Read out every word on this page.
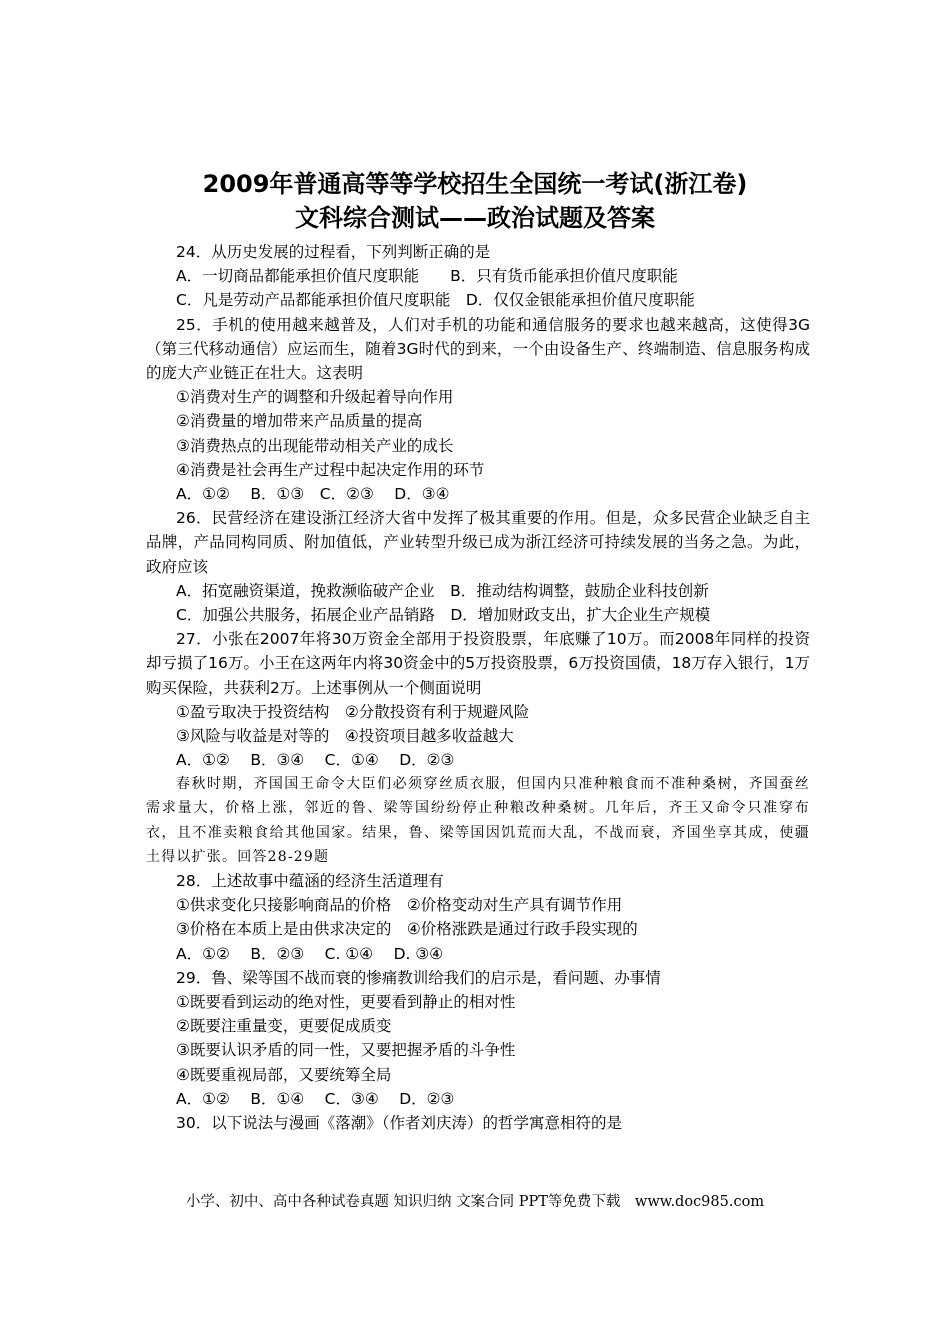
2009年普通高等等学校招生全国统一考试(浙江卷)
文科综合测试——政治试题及答案
24．从历史发展的过程看，下列判断正确的是
A．一切商品都能承担价值尺度职能　　B．只有货币能承担价值尺度职能
C．凡是劳动产品都能承担价值尺度职能　D．仅仅金银能承担价值尺度职能
25．手机的使用越来越普及，人们对手机的功能和通信服务的要求也越来越高，这使得3G（第三代移动通信）应运而生，随着3G时代的到来，一个由设备生产、终端制造、信息服务构成的庞大产业链正在壮大。这表明
①消费对生产的调整和升级起着导向作用
②消费量的增加带来产品质量的提高
③消费热点的出现能带动相关产业的成长
④消费是社会再生产过程中起决定作用的环节
A．①②　 B．①③　C．②③　 D．③④
26．民营经济在建设浙江经济大省中发挥了极其重要的作用。但是，众多民营企业缺乏自主品牌，产品同构同质、附加值低，产业转型升级已成为浙江经济可持续发展的当务之急。为此，政府应该
A．拓宽融资渠道，挽救濒临破产企业　B．推动结构调整，鼓励企业科技创新
C．加强公共服务，拓展企业产品销路　D．增加财政支出，扩大企业生产规模
27．小张在2007年将30万资金全部用于投资股票，年底赚了10万。而2008年同样的投资却亏损了16万。小王在这两年内将30资金中的5万投资股票，6万投资国债，18万存入银行，1万购买保险，共获利2万。上述事例从一个侧面说明
①盈亏取决于投资结构　②分散投资有利于规避风险
③风险与收益是对等的　④投资项目越多收益越大
A．①②　 B．③④　 C．①④　 D．②③
春秋时期，齐国国王命令大臣们必须穿丝质衣服，但国内只准种粮食而不准种桑树，齐国蚕丝需求量大，价格上涨，邻近的鲁、梁等国纷纷停止种粮改种桑树。几年后，齐王又命令只准穿布衣，且不准卖粮食给其他国家。结果，鲁、梁等国因饥荒而大乱，不战而衰，齐国坐享其成，使疆土得以扩张。回答28-29题
28．上述故事中蕴涵的经济生活道理有
①供求变化只接影响商品的价格　②价格变动对生产具有调节作用
③价格在本质上是由供求决定的　④价格涨跌是通过行政手段实现的
A．①②　 B．②③　 C. ①④　 D. ③④
29．鲁、梁等国不战而衰的惨痛教训给我们的启示是，看问题、办事情
①既要看到运动的绝对性，更要看到静止的相对性
②既要注重量变，更要促成质变
③既要认识矛盾的同一性，又要把握矛盾的斗争性
④既要重视局部，又要统筹全局
A．①②　 B．①④　 C．③④　 D．②③
30．以下说法与漫画《落潮》（作者刘庆涛）的哲学寓意相符的是
小学、初中、高中各种试卷真题 知识归纳 文案合同 PPT等免费下载　www.doc985.com
